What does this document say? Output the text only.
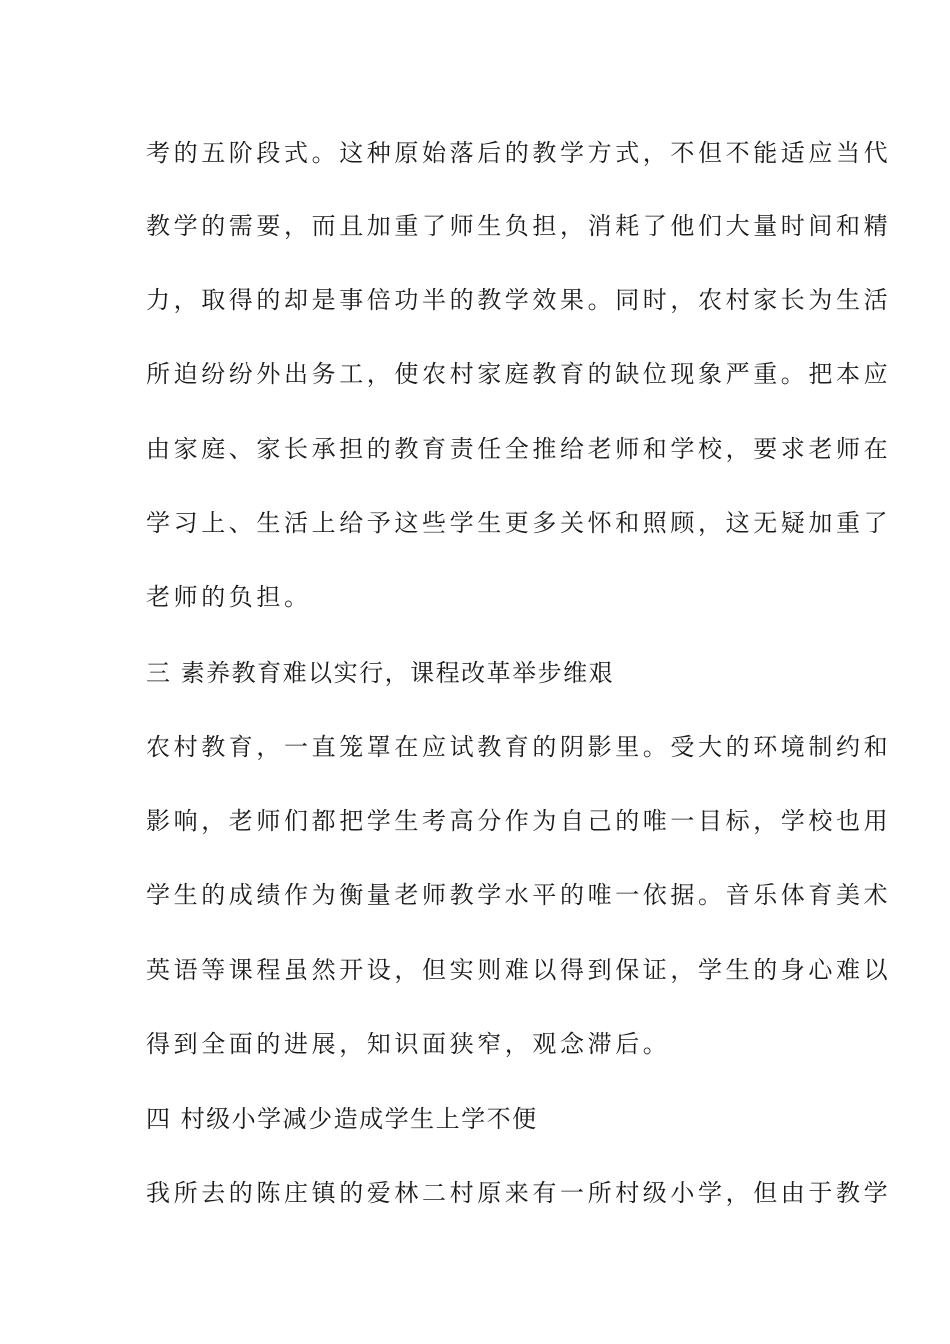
考的五阶段式。这种原始落后的教学方式，不但不能适应当代
教学的需要，而且加重了师生负担，消耗了他们大量时间和精
力，取得的却是事倍功半的教学效果。同时，农村家长为生活
所迫纷纷外出务工，使农村家庭教育的缺位现象严重。把本应
由家庭、家长承担的教育责任全推给老师和学校，要求老师在
学习上、生活上给予这些学生更多关怀和照顾，这无疑加重了
老师的负担。
三 素养教育难以实行，课程改革举步维艰
农村教育，一直笼罩在应试教育的阴影里。受大的环境制约和
影响，老师们都把学生考高分作为自己的唯一目标，学校也用
学生的成绩作为衡量老师教学水平的唯一依据。音乐体育美术
英语等课程虽然开设，但实则难以得到保证，学生的身心难以
得到全面的进展，知识面狭窄，观念滞后。
四 村级小学减少造成学生上学不便
我所去的陈庄镇的爱林二村原来有一所村级小学，但由于教学
